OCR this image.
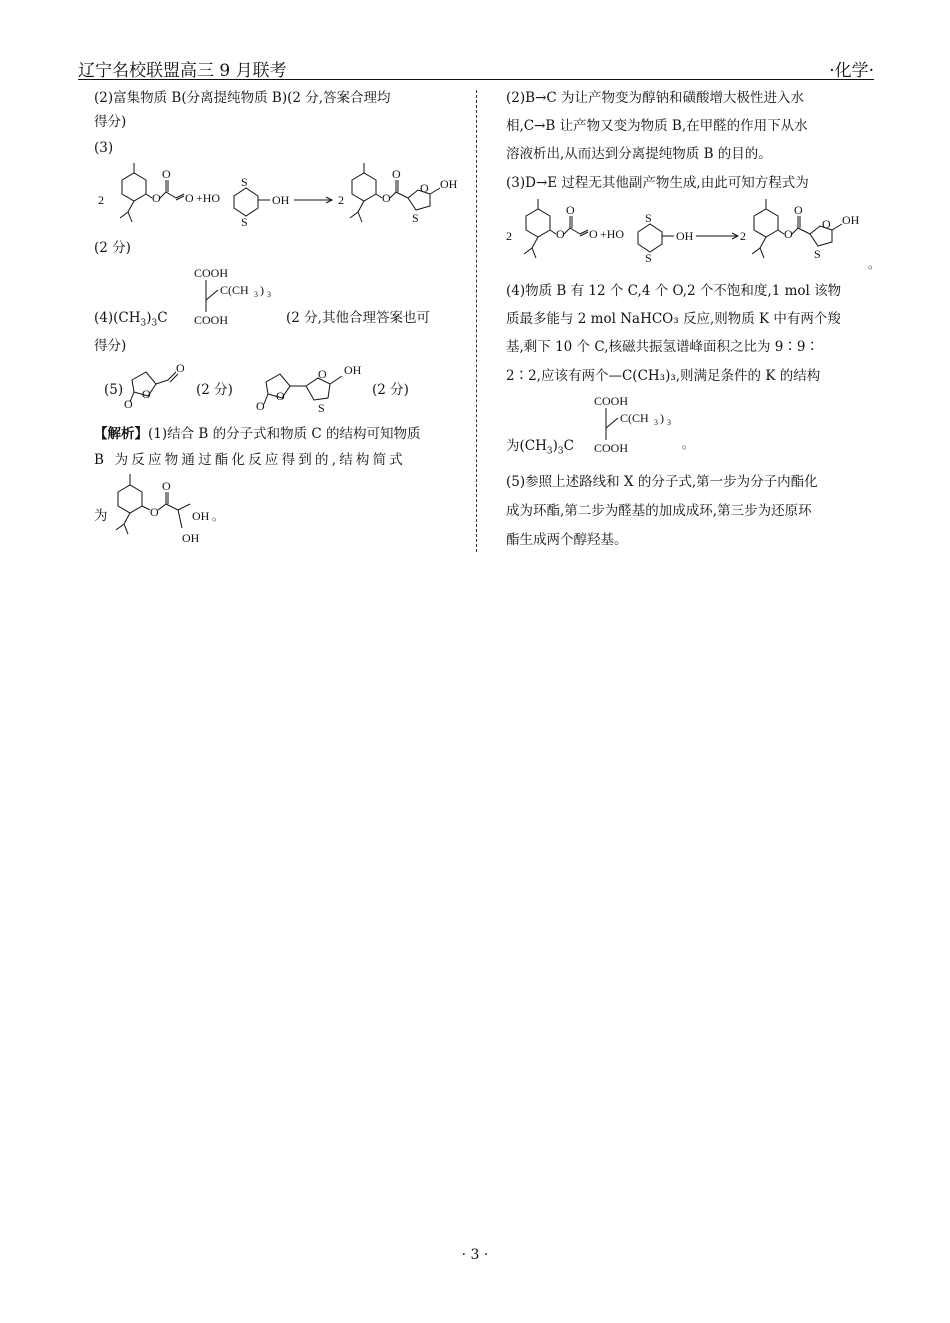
辽宁名校联盟高三 9 月联考	·化学·
(2)富集物质 B(分离提纯物质 B)(2 分,答案合理均
得分)
(3)
2	O
O
O +HO
S
S
OH	2	O
O
O
S
OH
(2 分)
COOH
C(CH 3 ) 3
COOH
$(4)(CH_3)_3C$	(2 分,其他合理答案也可
得分)
(5) O
O
O
(2 分)	O
O
O
S
OH
(2 分)
【解析】(1)结合 B 的分子式和物质 C 的结构可知物质
B 为反应物通过酯化反应得到的,结构简式
为	O
O
OH
OH
。
(2)B→C 为让产物变为醇钠和磺酸增大极性进入水
相,C→B 让产物又变为物质 B,在甲醛的作用下从水
溶液析出,从而达到分离提纯物质 B 的目的。
(3)D→E 过程无其他副产物生成,由此可知方程式为
2	O
O
O +HO
S
S
OH	2	O
O
O
S
OH
。
(4)物质 B 有 12 个 C,4 个 O,2 个不饱和度,1 mol 该物
质最多能与 2 mol NaHCO₃ 反应,则物质 K 中有两个羧
基,剩下 10 个 C,核磁共振氢谱峰面积之比为 9∶9∶
2∶2,应该有两个—C(CH₃)₃,则满足条件的 K 的结构
COOH
C(CH 3 ) 3
COOH	。
为$(CH_3)_3C$
(5)参照上述路线和 X 的分子式,第一步为分子内酯化
成为环酯,第二步为醛基的加成成环,第三步为还原环
酯生成两个醇羟基。
· 3 ·
